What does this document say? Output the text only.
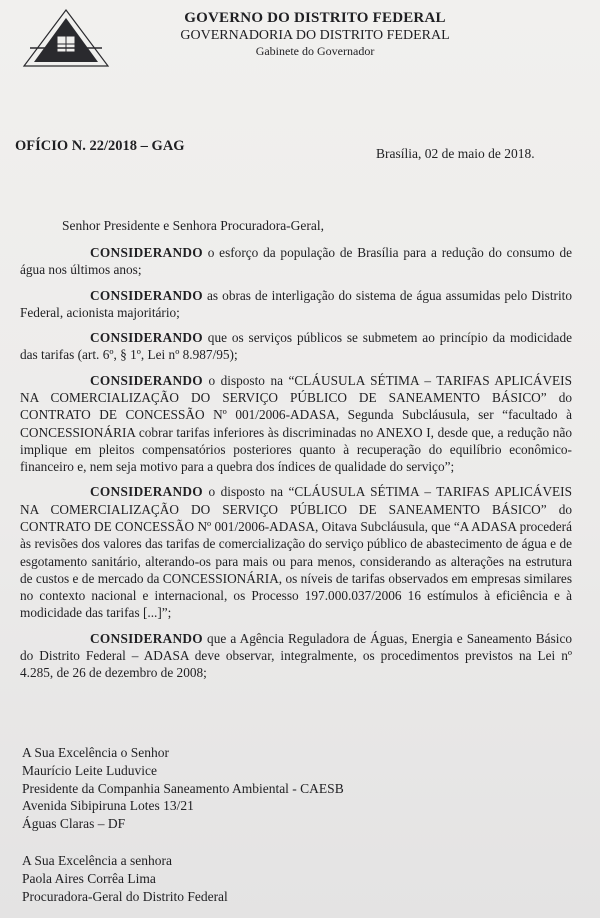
GOVERNO DO DISTRITO FEDERAL
GOVERNADORIA DO DISTRITO FEDERAL
Gabinete do Governador
OFÍCIO N. 22/2018 – GAG	Brasília, 02 de maio de 2018.
Senhor Presidente e Senhora Procuradora-Geral,

CONSIDERANDO o esforço da população de Brasília para a redução do consumo de água nos últimos anos;

CONSIDERANDO as obras de interligação do sistema de água assumidas pelo Distrito Federal, acionista majoritário;

CONSIDERANDO que os serviços públicos se submetem ao princípio da modicidade das tarifas (art. 6º, § 1º, Lei nº 8.987/95);

CONSIDERANDO o disposto na “CLÁUSULA SÉTIMA – TARIFAS APLICÁVEIS NA COMERCIALIZAÇÃO DO SERVIÇO PÚBLICO DE SANEAMENTO BÁSICO” do CONTRATO DE CONCESSÃO Nº 001/2006-ADASA, Segunda Subcláusula, ser “facultado à CONCESSIONÁRIA cobrar tarifas inferiores às discriminadas no ANEXO I, desde que, a redução não implique em pleitos compensatórios posteriores quanto à recuperação do equilíbrio econômico-financeiro e, nem seja motivo para a quebra dos índices de qualidade do serviço”;

CONSIDERANDO o disposto na “CLÁUSULA SÉTIMA – TARIFAS APLICÁVEIS NA COMERCIALIZAÇÃO DO SERVIÇO PÚBLICO DE SANEAMENTO BÁSICO” do CONTRATO DE CONCESSÃO Nº 001/2006-ADASA, Oitava Subcláusula, que “A ADASA procederá às revisões dos valores das tarifas de comercialização do serviço público de abastecimento de água e de esgotamento sanitário, alterando-os para mais ou para menos, considerando as alterações na estrutura de custos e de mercado da CONCESSIONÁRIA, os níveis de tarifas observados em empresas similares no contexto nacional e internacional, os Processo 197.000.037/2006 16 estímulos à eficiência e à modicidade das tarifas [...]”;

CONSIDERANDO que a Agência Reguladora de Águas, Energia e Saneamento Básico do Distrito Federal – ADASA deve observar, integralmente, os procedimentos previstos na Lei nº 4.285, de 26 de dezembro de 2008;

A Sua Excelência o Senhor
Maurício Leite Luduvice
Presidente da Companhia Saneamento Ambiental - CAESB
Avenida Sibipiruna Lotes 13/21
Águas Claras – DF
A Sua Excelência a senhora
Paola Aires Corrêa Lima
Procuradora-Geral do Distrito Federal
